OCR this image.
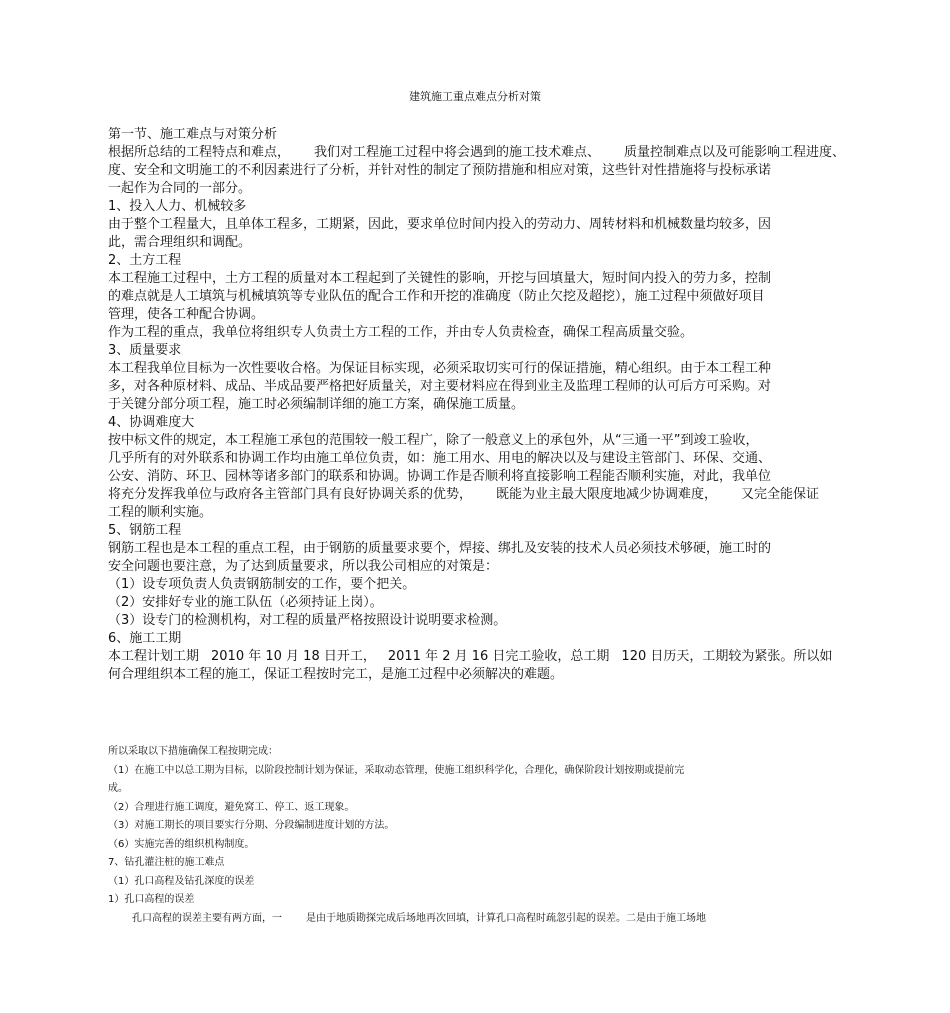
建筑施工重点难点分析对策

第一节、施工难点与对策分析

根据所总结的工程特点和难点， 我们对工程施工过程中将会遇到的施工技术难点、 质量控制难点以及可能影响工程进度、

度、安全和文明施工的不利因素进行了分析，并针对性的制定了预防措施和相应对策，这些针对性措施将与投标承诺

一起作为合同的一部分。

1、投入人力、机械较多

由于整个工程量大，且单体工程多，工期紧，因此，要求单位时间内投入的劳动力、周转材料和机械数量均较多，因

此，需合理组织和调配。

2、土方工程

本工程施工过程中，土方工程的质量对本工程起到了关键性的影响，开挖与回填量大，短时间内投入的劳力多，控制

的难点就是人工填筑与机械填筑等专业队伍的配合工作和开挖的准确度（防止欠挖及超挖），施工过程中须做好项目

管理，使各工种配合协调。

作为工程的重点，我单位将组织专人负责土方工程的工作，并由专人负责检查，确保工程高质量交验。

3、质量要求

本工程我单位目标为一次性要收合格。为保证目标实现，必须采取切实可行的保证措施，精心组织。由于本工程工种

多，对各种原材料、成品、半成品要严格把好质量关，对主要材料应在得到业主及监理工程师的认可后方可采购。对

于关键分部分项工程，施工时必须编制详细的施工方案，确保施工质量。

4、协调难度大

按中标文件的规定，本工程施工承包的范围较一般工程广，除了一般意义上的承包外，从“三通一平”到竣工验收，

几乎所有的对外联系和协调工作均由施工单位负责，如：施工用水、用电的解决以及与建设主管部门、环保、交通、

公安、消防、环卫、园林等诸多部门的联系和协调。协调工作是否顺利将直接影响工程能否顺利实施，对此，我单位

将充分发挥我单位与政府各主管部门具有良好协调关系的优势， 既能为业主最大限度地减少协调难度， 又完全能保证

工程的顺利实施。

5、钢筋工程

钢筋工程也是本工程的重点工程，由于钢筋的质量要求要个，焊接、绑扎及安装的技术人员必须技术够硬，施工时的

安全问题也要注意，为了达到质量要求，所以我公司相应的对策是：

（1）设专项负责人负责钢筋制安的工作，要个把关。

（2）安排好专业的施工队伍（必须持证上岗）。

（3）设专门的检测机构，对工程的质量严格按照设计说明要求检测。

6、施工工期

本工程计划工期 2010 年 10 月 18 日开工， 2011 年 2 月 16 日完工验收，总工期 120 日历天，工期较为紧张。所以如

何合理组织本工程的施工，保证工程按时完工，是施工过程中必须解决的难题。

所以采取以下措施确保工程按期完成：

（1）在施工中以总工期为目标，以阶段控制计划为保证，采取动态管理，使施工组织科学化，合理化，确保阶段计划按期或提前完

成。

（2）合理进行施工调度，避免窝工、停工、返工现象。

（3）对施工期长的项目要实行分期、分段编制进度计划的方法。

（6）实施完善的组织机构制度。

7、钻孔灌注桩的施工难点

（1）孔口高程及钻孔深度的误差

1）孔口高程的误差

孔口高程的误差主要有两方面，一 是由于地质勘探完成后场地再次回填，计算孔口高程时疏忽引起的误差。二是由于施工场地
